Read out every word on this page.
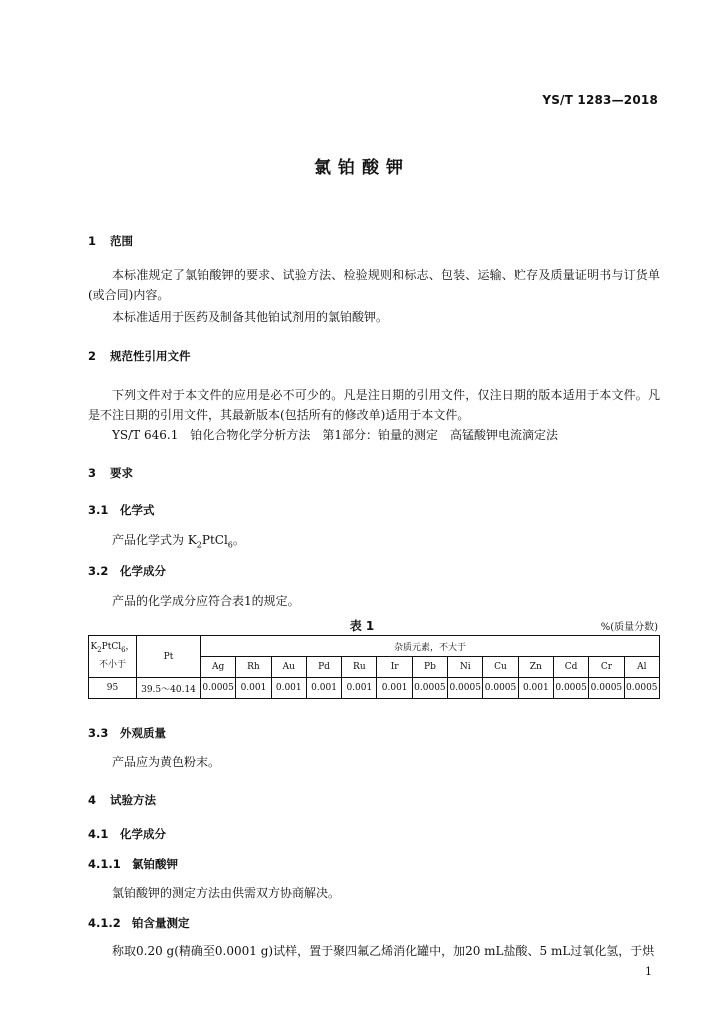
YS/T 1283—2018
氯铂酸钾
1 范围
本标准规定了氯铂酸钾的要求、试验方法、检验规则和标志、包装、运输、贮存及质量证明书与订货单(或合同)内容。
本标准适用于医药及制备其他铂试剂用的氯铂酸钾。
2 规范性引用文件
下列文件对于本文件的应用是必不可少的。凡是注日期的引用文件，仅注日期的版本适用于本文件。凡是不注日期的引用文件，其最新版本(包括所有的修改单)适用于本文件。
YS/T 646.1　铂化合物化学分析方法　第1部分：铂量的测定　高锰酸钾电流滴定法
3 要求
3.1 化学式
产品化学式为 $K_2PtCl_6$。
3.2 化学成分
产品的化学成分应符合表1的规定。
表 1	%(质量分数)
$K_2PtCl_6$，
不小于	Pt	杂质元素，不大于												
		Ag	Rh	Au	Pd	Ru	Ir	Pb	Ni	Cu	Zn	Cd	Cr	Al
95	39.5～40.14	0.0005	0.001	0.001	0.001	0.001	0.001	0.0005	0.0005	0.0005	0.001	0.0005	0.0005	0.0005
3.3 外观质量
产品应为黄色粉末。
4 试验方法
4.1 化学成分
4.1.1 氯铂酸钾
氯铂酸钾的测定方法由供需双方协商解决。
4.1.2 铂含量测定
称取0.20 g(精确至0.0001 g)试样，置于聚四氟乙烯消化罐中，加20 mL盐酸、5 mL过氧化氢，于烘
1
